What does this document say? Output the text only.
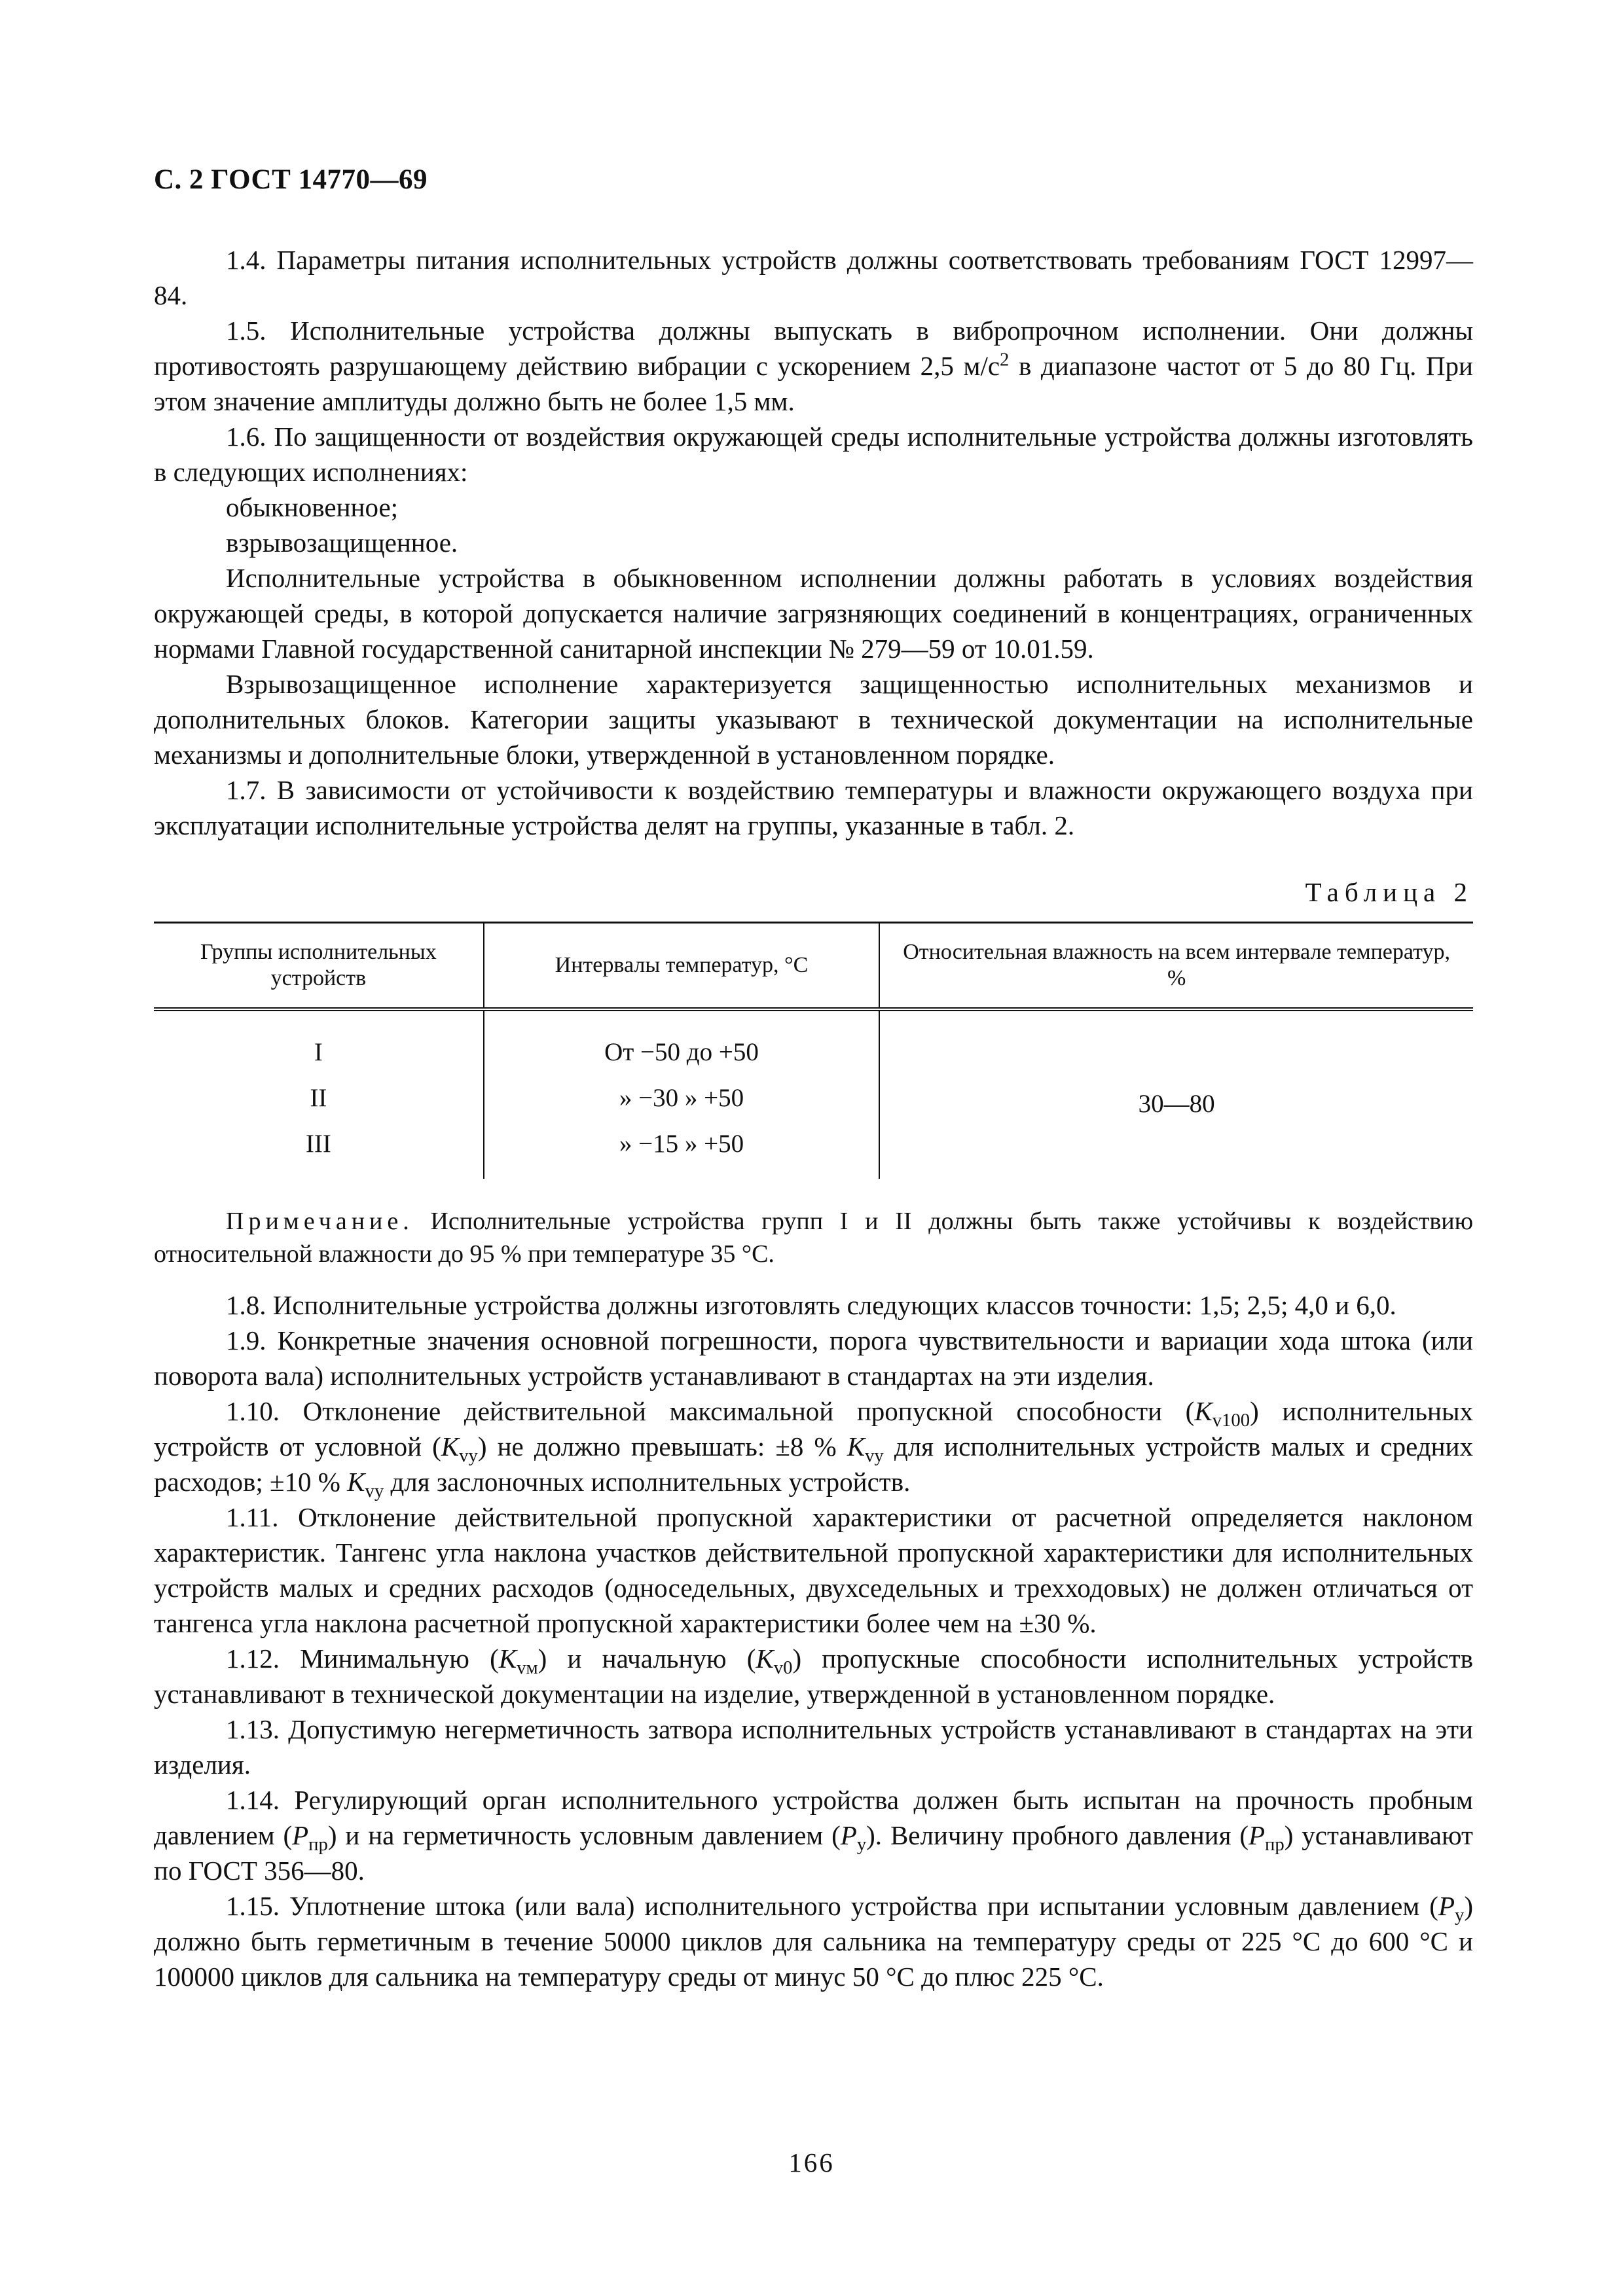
С. 2 ГОСТ 14770—69

1.4. Параметры питания исполнительных устройств должны соответствовать требованиям ГОСТ 12997—84.

1.5. Исполнительные устройства должны выпускать в вибропрочном исполнении. Они должны противостоять разрушающему действию вибрации с ускорением 2,5 $м/с^2$ в диапазоне частот от 5 до 80 Гц. При этом значение амплитуды должно быть не более 1,5 мм.

1.6. По защищенности от воздействия окружающей среды исполнительные устройства должны изготовлять в следующих исполнениях:

обыкновенное;

взрывозащищенное.

Исполнительные устройства в обыкновенном исполнении должны работать в условиях воздействия окружающей среды, в которой допускается наличие загрязняющих соединений в концентрациях, ограниченных нормами Главной государственной санитарной инспекции № 279—59 от 10.01.59.

Взрывозащищенное исполнение характеризуется защищенностью исполнительных механизмов и дополнительных блоков. Категории защиты указывают в технической документации на исполнительные механизмы и дополнительные блоки, утвержденной в установленном порядке.

1.7. В зависимости от устойчивости к воздействию температуры и влажности окружающего воздуха при эксплуатации исполнительные устройства делят на группы, указанные в табл. 2.

Таблица 2
Группы исполнительных устройств	Интервалы температур, °С	Относительная влажность на всем интервале температур, %
I	От −50 до +50	30—80
II	» −30 » +50	
III	» −15 » +50	
Примечание. Исполнительные устройства групп I и II должны быть также устойчивы к воздействию относительной влажности до 95 % при температуре 35 °С.

1.8. Исполнительные устройства должны изготовлять следующих классов точности: 1,5; 2,5; 4,0 и 6,0.

1.9. Конкретные значения основной погрешности, порога чувствительности и вариации хода штока (или поворота вала) исполнительных устройств устанавливают в стандартах на эти изделия.

1.10. Отклонение действительной максимальной пропускной способности $(K_{v100})$ исполнительных устройств от условной $(K_{vy})$ не должно превышать: ±8 % $K_{vy}$ для исполнительных устройств малых и средних расходов; ±10 % $K_{vy}$ для заслоночных исполнительных устройств.

1.11. Отклонение действительной пропускной характеристики от расчетной определяется наклоном характеристик. Тангенс угла наклона участков действительной пропускной характеристики для исполнительных устройств малых и средних расходов (односедельных, двухседельных и трехходовых) не должен отличаться от тангенса угла наклона расчетной пропускной характеристики более чем на ±30 %.

1.12. Минимальную $(K_{vм})$ и начальную $(K_{v0})$ пропускные способности исполнительных устройств устанавливают в технической документации на изделие, утвержденной в установленном порядке.

1.13. Допустимую негерметичность затвора исполнительных устройств устанавливают в стандартах на эти изделия.

1.14. Регулирующий орган исполнительного устройства должен быть испытан на прочность пробным давлением $(P_{пр})$ и на герметичность условным давлением $(P_у)$. Величину пробного давления $(P_{пр})$ устанавливают по ГОСТ 356—80.

1.15. Уплотнение штока (или вала) исполнительного устройства при испытании условным давлением $(P_у)$ должно быть герметичным в течение 50000 циклов для сальника на температуру среды от 225 °С до 600 °С и 100000 циклов для сальника на температуру среды от минус 50 °С до плюс 225 °С.

166
